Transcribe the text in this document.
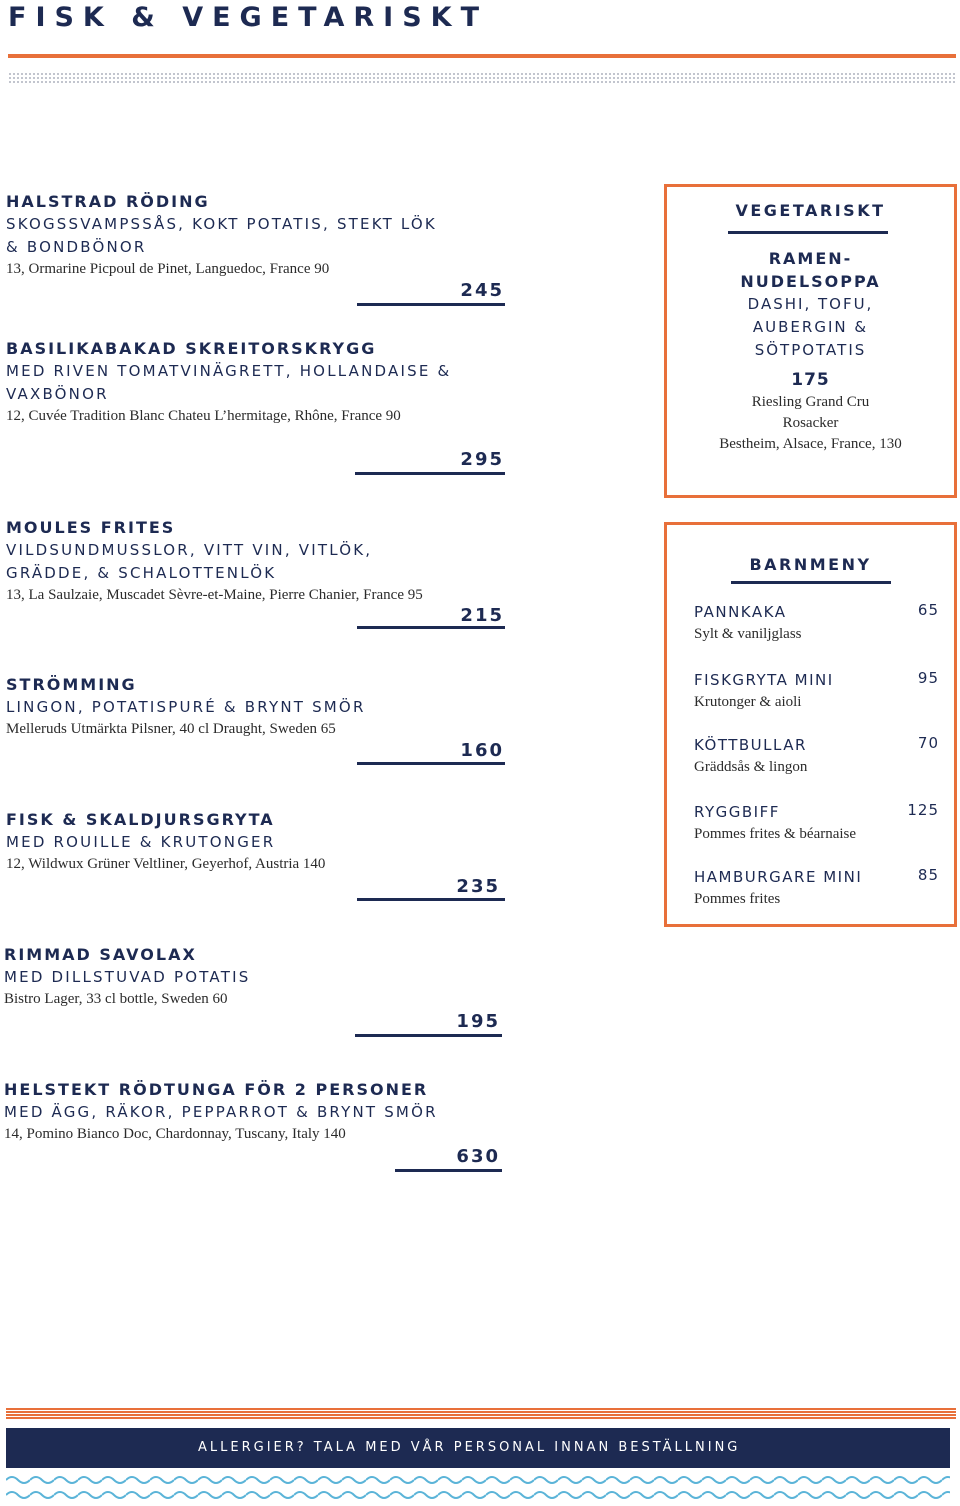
FISK & VEGETARISKT
HALSTRAD RÖDING
SKOGSSVAMPSSÅS, KOKT POTATIS, STEKT LÖK
& BONDBÖNOR
13, Ormarine Picpoul de Pinet, Languedoc, France 90
245
BASILIKABAKAD SKREITORSKRYGG
MED RIVEN TOMATVINÄGRETT, HOLLANDAISE &
VAXBÖNOR
12, Cuvée Tradition Blanc Chateu L’hermitage, Rhône, France 90
295
MOULES FRITES
VILDSUNDMUSSLOR, VITT VIN, VITLÖK,
GRÄDDE, & SCHALOTTENLÖK
13, La Saulzaie, Muscadet Sèvre-et-Maine, Pierre Chanier, France 95
215
STRÖMMING
LINGON, POTATISPURÉ & BRYNT SMÖR
Melleruds Utmärkta Pilsner, 40 cl Draught, Sweden 65
160
FISK & SKALDJURSGRYTA
MED ROUILLE & KRUTONGER
12, Wildwux Grüner Veltliner, Geyerhof, Austria 140
235
RIMMAD SAVOLAX
MED DILLSTUVAD POTATIS
Bistro Lager, 33 cl bottle, Sweden 60
195
HELSTEKT RÖDTUNGA FÖR 2 PERSONER
MED ÄGG, RÄKOR, PEPPARROT & BRYNT SMÖR
14, Pomino Bianco Doc, Chardonnay, Tuscany, Italy 140
630
VEGETARISKT
RAMEN-
NUDELSOPPA
DASHI, TOFU,
AUBERGIN &
SÖTPOTATIS
175
Riesling Grand Cru
Rosacker
Bestheim, Alsace, France, 130
BARNMENY
PANNKAKA	65
Sylt & vaniljglass
FISKGRYTA MINI	95
Krutonger & aioli
KÖTTBULLAR	70
Gräddsås & lingon
RYGGBIFF	125
Pommes frites & béarnaise
HAMBURGARE MINI	85
Pommes frites
ALLERGIER? TALA MED VÅR PERSONAL INNAN BESTÄLLNING
